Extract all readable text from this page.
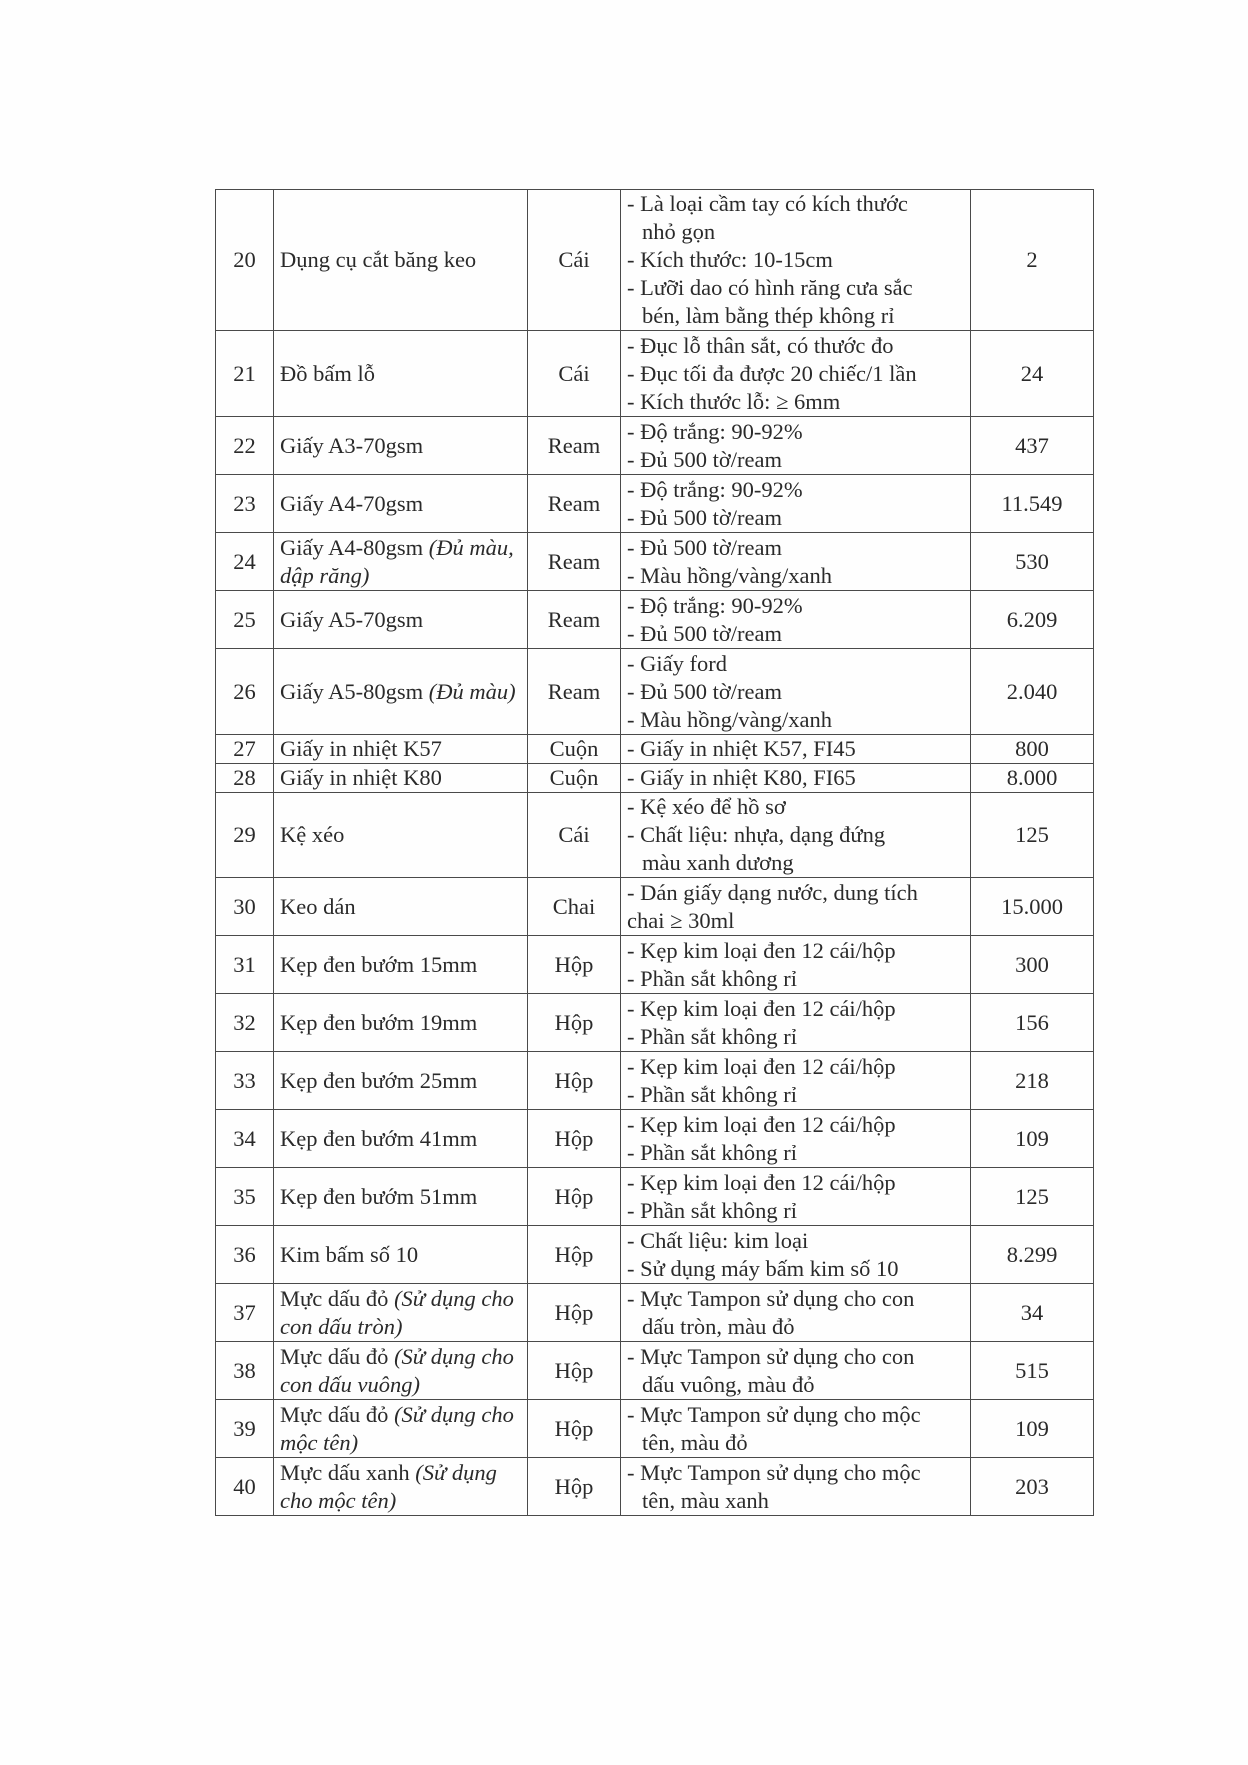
20	Dụng cụ cắt băng keo	Cái	- Là loại cầm tay có kích thước
nhỏ gọn
- Kích thước: 10-15cm
- Lưỡi dao có hình răng cưa sắc
bén, làm bằng thép không rỉ	2
21	Đồ bấm lỗ	Cái	- Đục lỗ thân sắt, có thước đo
- Đục tối đa được 20 chiếc/1 lần
- Kích thước lỗ: ≥ 6mm	24
22	Giấy A3-70gsm	Ream	- Độ trắng: 90-92%
- Đủ 500 tờ/ream	437
23	Giấy A4-70gsm	Ream	- Độ trắng: 90-92%
- Đủ 500 tờ/ream	11.549
24	Giấy A4-80gsm (Đủ màu, dập răng)	Ream	- Đủ 500 tờ/ream
- Màu hồng/vàng/xanh	530
25	Giấy A5-70gsm	Ream	- Độ trắng: 90-92%
- Đủ 500 tờ/ream	6.209
26	Giấy A5-80gsm (Đủ màu)	Ream	- Giấy ford
- Đủ 500 tờ/ream
- Màu hồng/vàng/xanh	2.040
27	Giấy in nhiệt K57	Cuộn	- Giấy in nhiệt K57, FI45	800
28	Giấy in nhiệt K80	Cuộn	- Giấy in nhiệt K80, FI65	8.000
29	Kệ xéo	Cái	- Kệ xéo để hồ sơ
- Chất liệu: nhựa, dạng đứng
màu xanh dương	125
30	Keo dán	Chai	- Dán giấy dạng nước, dung tích
chai ≥ 30ml	15.000
31	Kẹp đen bướm 15mm	Hộp	- Kẹp kim loại đen 12 cái/hộp
- Phần sắt không rỉ	300
32	Kẹp đen bướm 19mm	Hộp	- Kẹp kim loại đen 12 cái/hộp
- Phần sắt không rỉ	156
33	Kẹp đen bướm 25mm	Hộp	- Kẹp kim loại đen 12 cái/hộp
- Phần sắt không rỉ	218
34	Kẹp đen bướm 41mm	Hộp	- Kẹp kim loại đen 12 cái/hộp
- Phần sắt không rỉ	109
35	Kẹp đen bướm 51mm	Hộp	- Kẹp kim loại đen 12 cái/hộp
- Phần sắt không rỉ	125
36	Kim bấm số 10	Hộp	- Chất liệu: kim loại
- Sử dụng máy bấm kim số 10	8.299
37	Mực dấu đỏ (Sử dụng cho con dấu tròn)	Hộp	- Mực Tampon sử dụng cho con
dấu tròn, màu đỏ	34
38	Mực dấu đỏ (Sử dụng cho con dấu vuông)	Hộp	- Mực Tampon sử dụng cho con
dấu vuông, màu đỏ	515
39	Mực dấu đỏ (Sử dụng cho mộc tên)	Hộp	- Mực Tampon sử dụng cho mộc
tên, màu đỏ	109
40	Mực dấu xanh (Sử dụng cho mộc tên)	Hộp	- Mực Tampon sử dụng cho mộc
tên, màu xanh	203
